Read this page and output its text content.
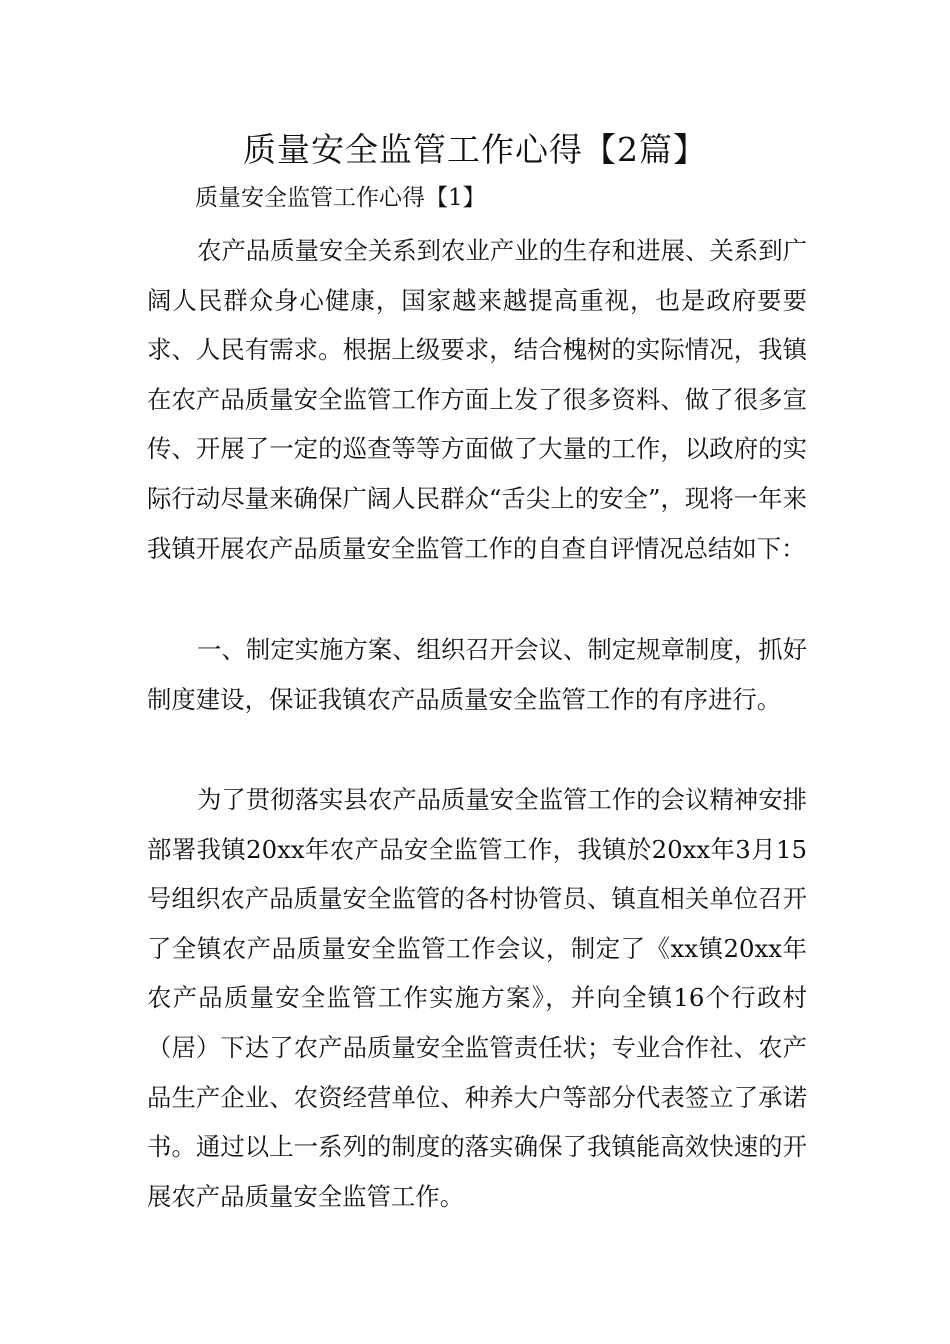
质量安全监管工作心得【2篇】
质量安全监管工作心得【1】

农产品质量安全关系到农业产业的生存和进展、关系到广阔人民群众身心健康，国家越来越提高重视，也是政府要要求、人民有需求。根据上级要求，结合槐树的实际情况，我镇在农产品质量安全监管工作方面上发了很多资料、做了很多宣传、开展了一定的巡查等等方面做了大量的工作，以政府的实际行动尽量来确保广阔人民群众“舌尖上的安全”，现将一年来我镇开展农产品质量安全监管工作的自查自评情况总结如下：

一、制定实施方案、组织召开会议、制定规章制度，抓好制度建设，保证我镇农产品质量安全监管工作的有序进行。

为了贯彻落实县农产品质量安全监管工作的会议精神安排部署我镇20xx年农产品安全监管工作，我镇於20xx年3月15号组织农产品质量安全监管的各村协管员、镇直相关单位召开了全镇农产品质量安全监管工作会议，制定了《xx镇20xx年农产品质量安全监管工作实施方案》，并向全镇16个行政村（居）下达了农产品质量安全监管责任状；专业合作社、农产品生产企业、农资经营单位、种养大户等部分代表签立了承诺书。通过以上一系列的制度的落实确保了我镇能高效快速的开展农产品质量安全监管工作。
